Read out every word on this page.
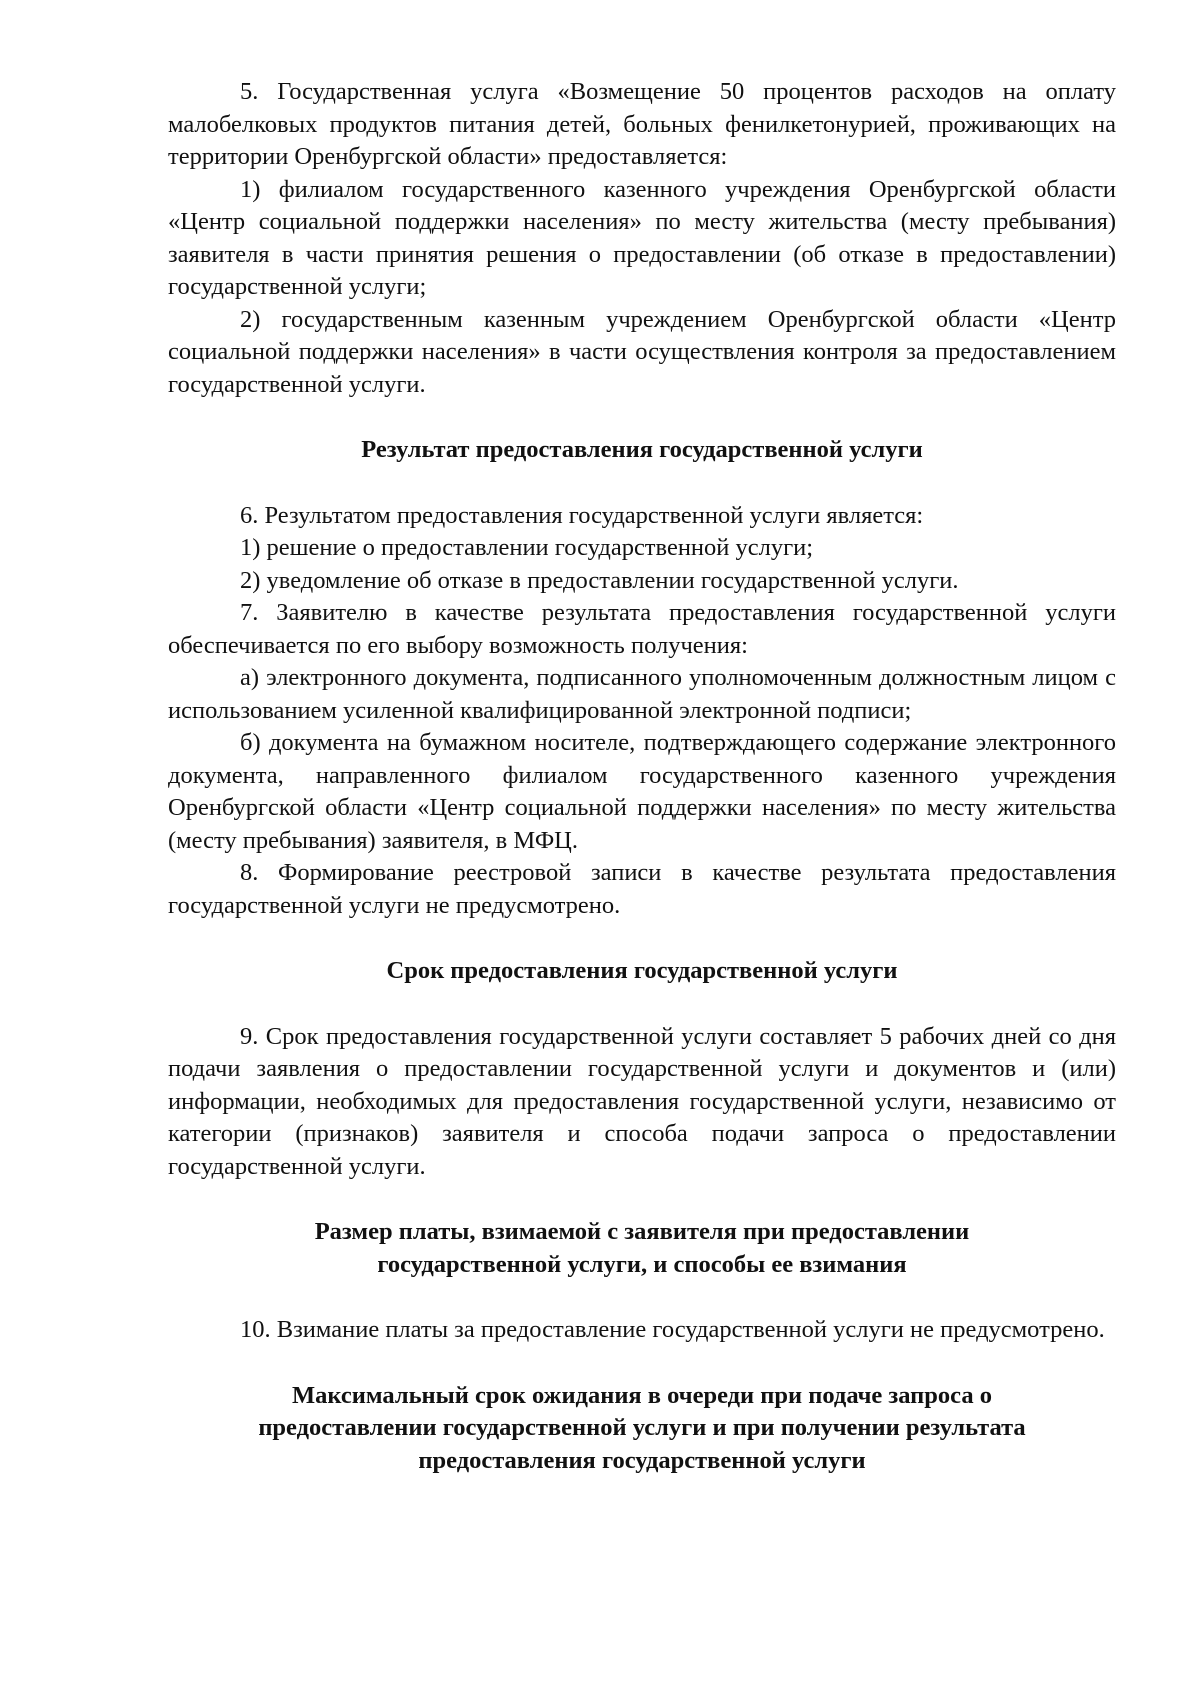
5. Государственная услуга «Возмещение 50 процентов расходов на оплату малобелковых продуктов питания детей, больных фенилкетонурией, проживающих на территории Оренбургской области» предоставляется:

1) филиалом государственного казенного учреждения Оренбургской области «Центр социальной поддержки населения» по месту жительства (месту пребывания) заявителя в части принятия решения о предоставлении (об отказе в предоставлении) государственной услуги;

2) государственным казенным учреждением Оренбургской области «Центр социальной поддержки населения» в части осуществления контроля за предоставлением государственной услуги.

Результат предоставления государственной услуги

6. Результатом предоставления государственной услуги является:

1) решение о предоставлении государственной услуги;

2) уведомление об отказе в предоставлении государственной услуги.

7. Заявителю в качестве результата предоставления государственной услуги обеспечивается по его выбору возможность получения:

а) электронного документа, подписанного уполномоченным должностным лицом с использованием усиленной квалифицированной электронной подписи;

б) документа на бумажном носителе, подтверждающего содержание электронного документа, направленного филиалом государственного казенного учреждения Оренбургской области «Центр социальной поддержки населения» по месту жительства (месту пребывания) заявителя, в МФЦ.

8. Формирование реестровой записи в качестве результата предоставления государственной услуги не предусмотрено.

Срок предоставления государственной услуги

9. Срок предоставления государственной услуги составляет 5 рабочих дней со дня подачи заявления о предоставлении государственной услуги и документов и (или) информации, необходимых для предоставления государственной услуги, независимо от категории (признаков) заявителя и способа подачи запроса о предоставлении государственной услуги.

Размер платы, взимаемой с заявителя при предоставлении
государственной услуги, и способы ее взимания

10. Взимание платы за предоставление государственной услуги не предусмотрено.

Максимальный срок ожидания в очереди при подаче запроса о
предоставлении государственной услуги и при получении результата
предоставления государственной услуги
